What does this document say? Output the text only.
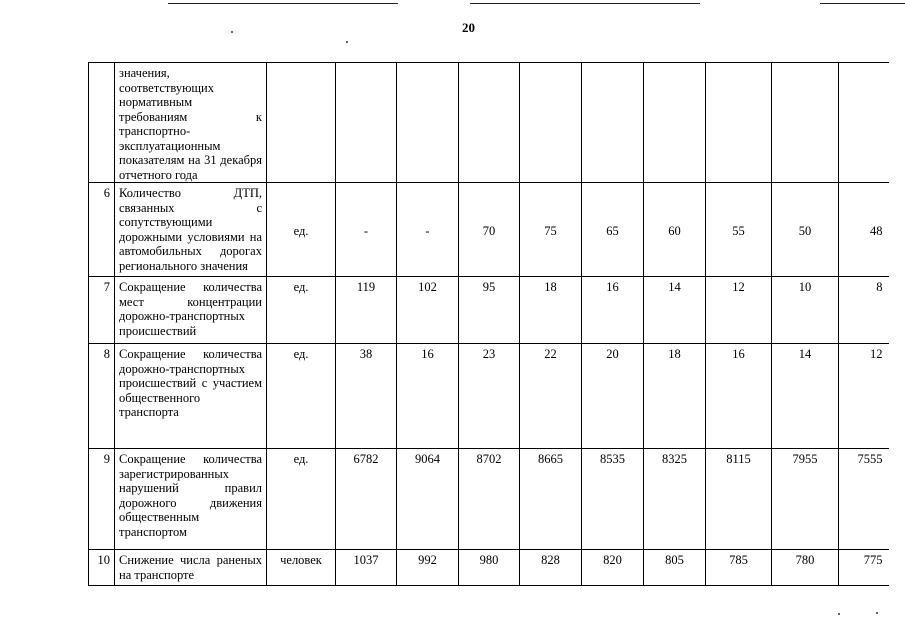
20
	значения, соответствующих нормативным требованиям к транспортно-эксплуатационным показателям на 31 декабря отчетного года										
6	Количество ДТП, связанных с сопутствующими дорожными условиями на автомобильных дорогах регионального значения	ед.	-	-	70	75	65	60	55	50	48
7	Сокращение количества мест концентрации дорожно-транспортных происшествий	ед.	119	102	95	18	16	14	12	10	8
8	Сокращение количества дорожно-транспортных происшествий с участием общественного транспорта	ед.	38	16	23	22	20	18	16	14	12
9	Сокращение количества зарегистрированных нарушений правил дорожного движения общественным транспортом	ед.	6782	9064	8702	8665	8535	8325	8115	7955	7555
10	Снижение числа раненых на транспорте	человек	1037	992	980	828	820	805	785	780	775
